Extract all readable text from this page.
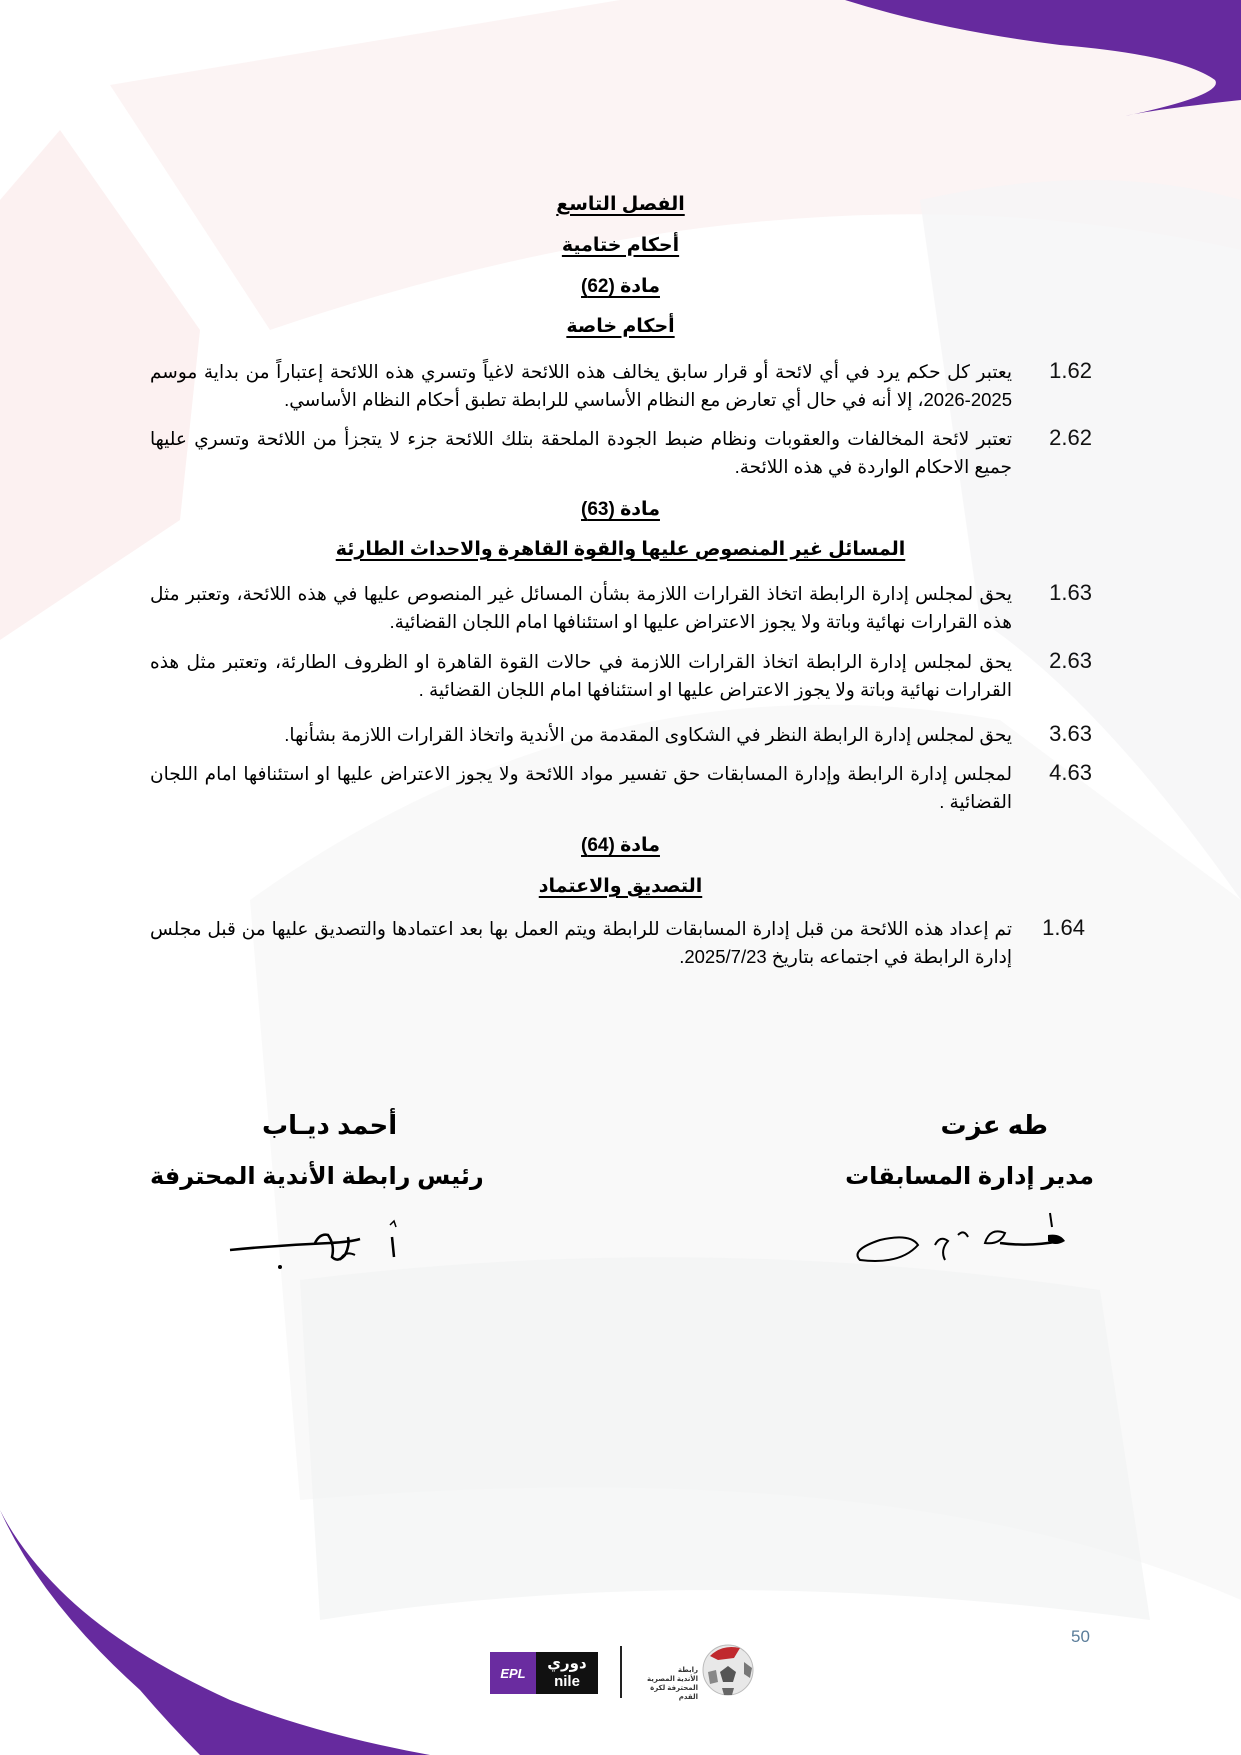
الفصل التاسع
أحكام ختامية
مادة (62)
أحكام خاصة
1.62
يعتبر كل حكم يرد في أي لائحة أو قرار سابق يخالف هذه اللائحة لاغياً وتسري هذه اللائحة إعتباراً من بداية موسم 2025-2026، إلا أنه في حال أي تعارض مع النظام الأساسي للرابطة تطبق أحكام النظام الأساسي.
2.62
تعتبر لائحة المخالفات والعقوبات ونظام ضبط الجودة الملحقة بتلك اللائحة جزء لا يتجزأ من اللائحة وتسري عليها جميع الاحكام الواردة في هذه اللائحة.
مادة (63)
المسائل غير المنصوص عليها والقوة القاهرة والاحداث الطارئة
1.63
يحق لمجلس إدارة الرابطة اتخاذ القرارات اللازمة بشأن المسائل غير المنصوص عليها في هذه اللائحة، وتعتبر مثل هذه القرارات نهائية وباتة ولا يجوز الاعتراض عليها او استئنافها امام اللجان القضائية.
2.63
يحق لمجلس إدارة الرابطة اتخاذ القرارات اللازمة في حالات القوة القاهرة او الظروف الطارئة، وتعتبر مثل هذه القرارات نهائية وباتة ولا يجوز الاعتراض عليها او استئنافها امام اللجان القضائية .
3.63
يحق لمجلس إدارة الرابطة النظر في الشكاوى المقدمة من الأندية واتخاذ القرارات اللازمة بشأنها.
4.63
لمجلس إدارة الرابطة وإدارة المسابقات حق تفسير مواد اللائحة ولا يجوز الاعتراض عليها او استئنافها امام اللجان القضائية .
مادة (64)
التصديق والاعتماد
1.64
تم إعداد هذه اللائحة من قبل إدارة المسابقات للرابطة ويتم العمل بها بعد اعتمادها والتصديق عليها من قبل مجلس إدارة الرابطة في اجتماعه بتاريخ 2025/7/23.
طه عزت
مدير إدارة المسابقات
أحمد ديـاب
رئيس رابطة الأندية المحترفة
50
EPL
دوري
nile
رابطة
الأندية المصرية
المحترفة لكرة القدم
